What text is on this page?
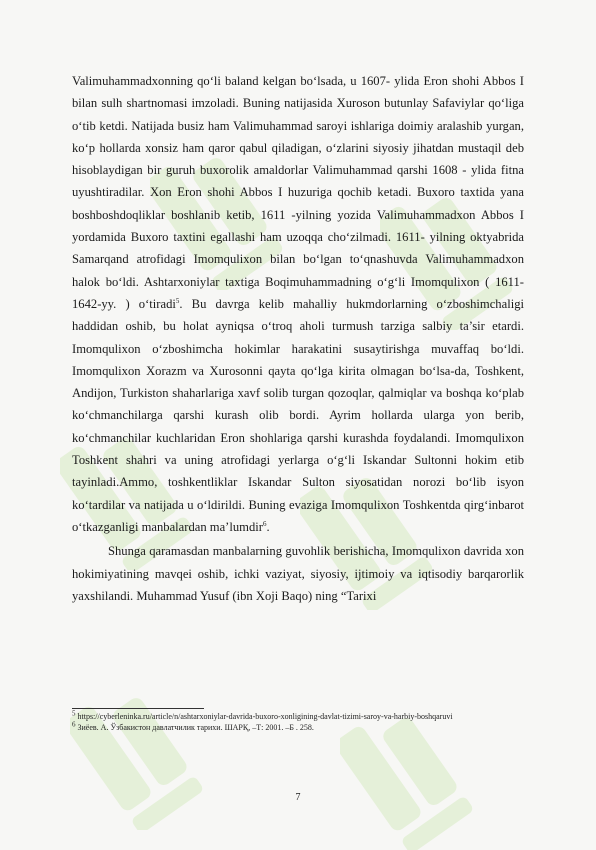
Valimuhammadxonning qo‘li baland kelgan bo‘lsada, u 1607- ylida Eron shohi Abbos I bilan sulh shartnomasi imzoladi. Buning natijasida Xuroson butunlay Safaviylar qo‘liga o‘tib ketdi. Natijada busiz ham Valimuhammad saroyi ishlariga doimiy aralashib yurgan, ko‘p hollarda xonsiz ham qaror qabul qiladigan, o‘zlarini siyosiy jihatdan mustaqil deb hisoblaydigan bir guruh buxorolik amaldorlar Valimuhammad qarshi 1608 - ylida fitna uyushtiradilar. Xon Eron shohi Abbos I huzuriga qochib ketadi. Buxoro taxtida yana boshboshdoqliklar boshlanib ketib, 1611 -yilning yozida Valimuhammadxon Abbos I yordamida Buxoro taxtini egallashi ham uzoqqa cho‘zilmadi. 1611- yilning oktyabrida Samarqand atrofidagi Imomqulixon bilan bo‘lgan to‘qnashuvda Valimuhammadxon halok bo‘ldi. Ashtarxoniylar taxtiga Boqimuhammadning o‘g‘li Imomqulixon ( 1611-1642-yy. ) o‘tiradi$^5$. Bu davrga kelib mahalliy hukmdorlarning o‘zboshimchaligi haddidan oshib, bu holat ayniqsa o‘troq aholi turmush tarziga salbiy ta’sir etardi. Imomqulixon o‘zboshimcha hokimlar harakatini susaytirishga muvaffaq bo‘ldi. Imomqulixon Xorazm va Xurosonni qayta qo‘lga kirita olmagan bo‘lsa-da, Toshkent, Andijon, Turkiston shaharlariga xavf solib turgan qozoqlar, qalmiqlar va boshqa ko‘plab ko‘chmanchilarga qarshi kurash olib bordi. Ayrim hollarda ularga yon berib, ko‘chmanchilar kuchlaridan Eron shohlariga qarshi kurashda foydalandi. Imomqulixon Toshkent shahri va uning atrofidagi yerlarga o‘g‘li Iskandar Sultonni hokim etib tayinladi.Ammo, toshkentliklar Iskandar Sulton siyosatidan norozi bo‘lib isyon ko‘tardilar va natijada u o‘ldirildi. Buning evaziga Imomqulixon Toshkentda qirg‘inbarot o‘tkazganligi manbalardan ma’lumdir$^6$.

Shunga qaramasdan manbalarning guvohlik berishicha, Imomqulixon davrida xon hokimiyatining mavqei oshib, ichki vaziyat, siyosiy, ijtimoiy va iqtisodiy barqarorlik yaxshilandi. Muhammad Yusuf (ibn Xoji Baqo) ning “Tarixi

5 https://cyberleninka.ru/article/n/ashtarxoniylar-davrida-buxoro-xonligining-davlat-tizimi-saroy-va-harbiy-boshqaruvi

6 Зиёев. А. Ўзбакистон давлатчилик тарихи. ШАРҚ, –Т: 2001. –Б . 258.

7
